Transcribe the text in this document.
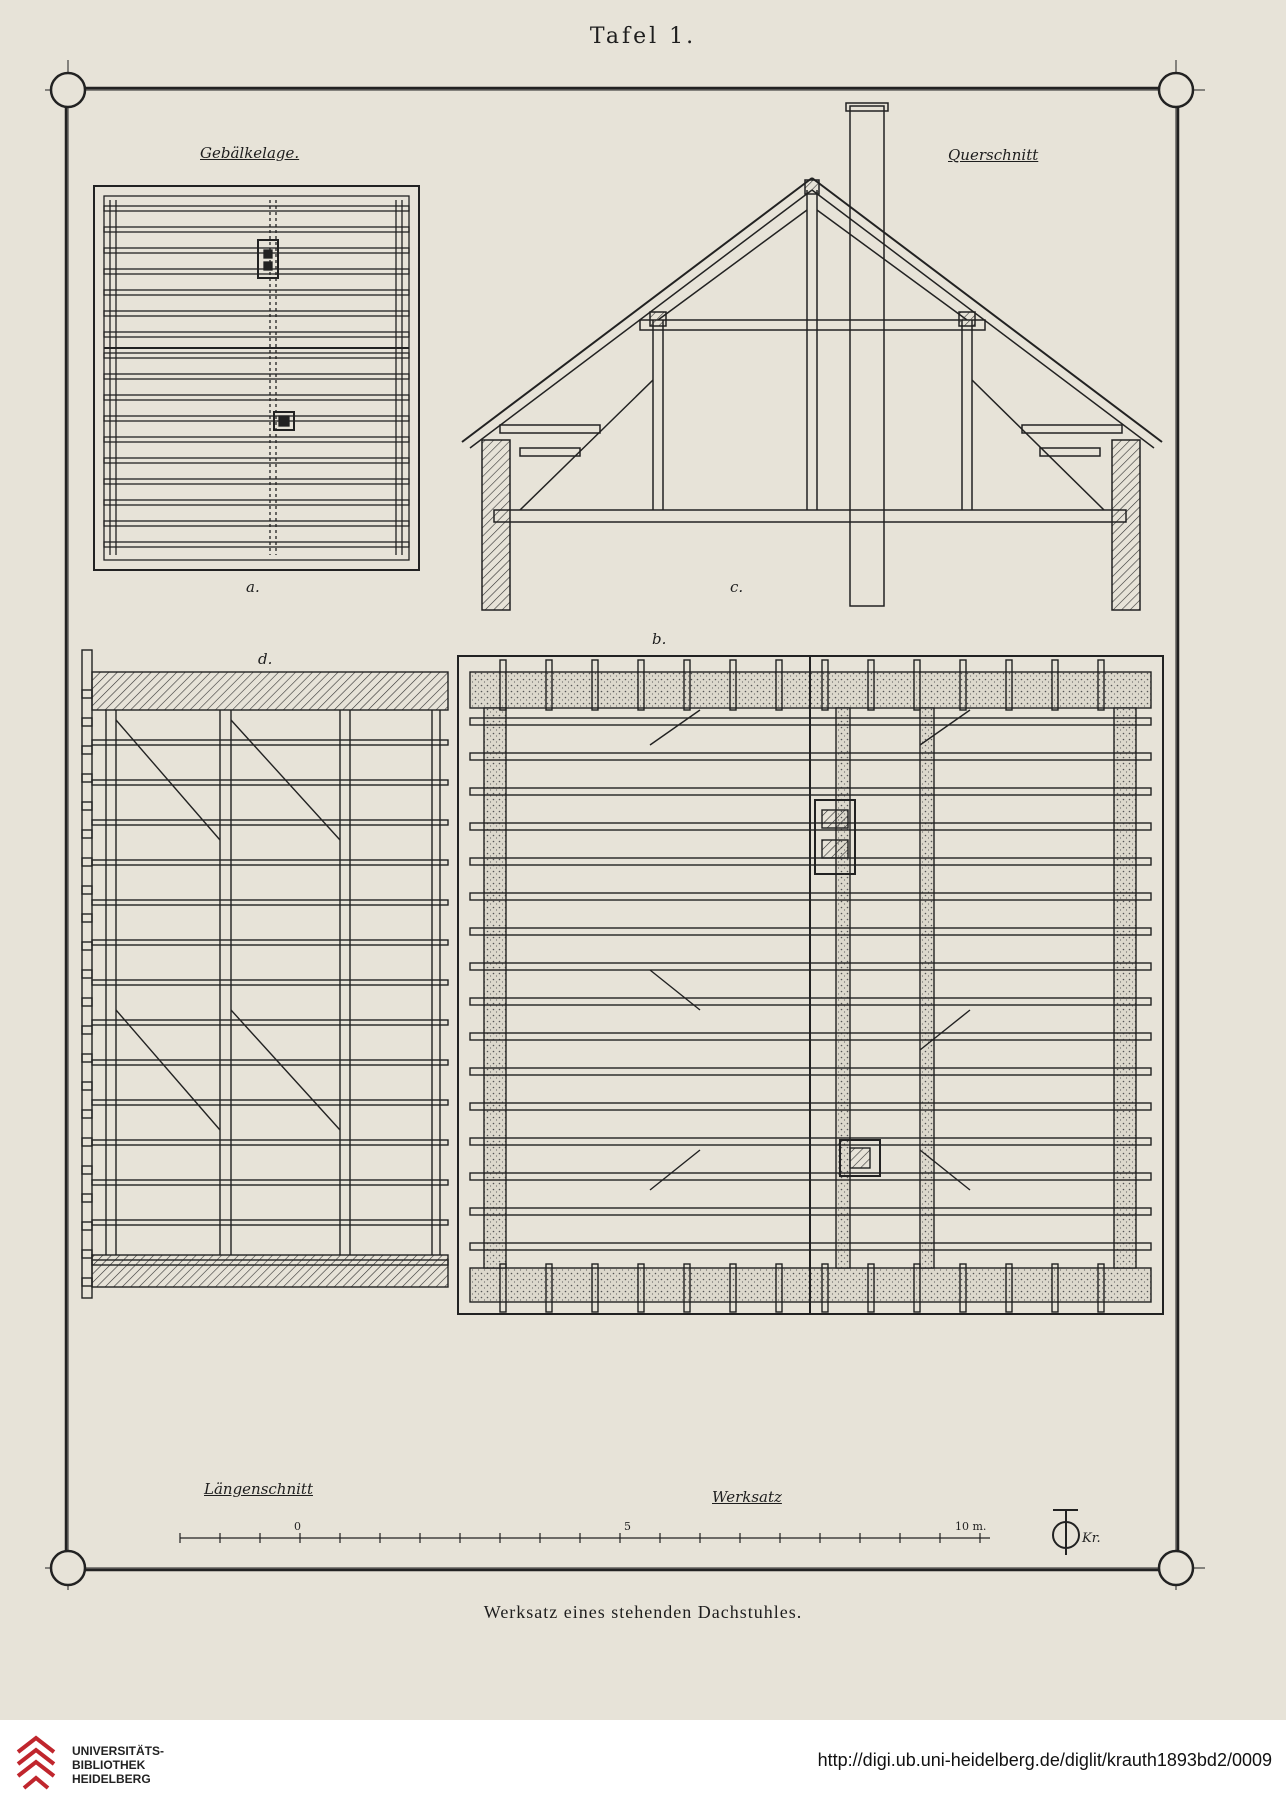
Tafel 1.
0	5	10 m.
Kr.
Gebälkelage.	Querschnitt
Längenschnitt	Werksatz
a.
b.
c.
d.
Werksatz eines stehenden Dachstuhles.
UNIVERSITÄTS-
BIBLIOTHEK
HEIDELBERG
http://digi.ub.uni-heidelberg.de/diglit/krauth1893bd2/0009
